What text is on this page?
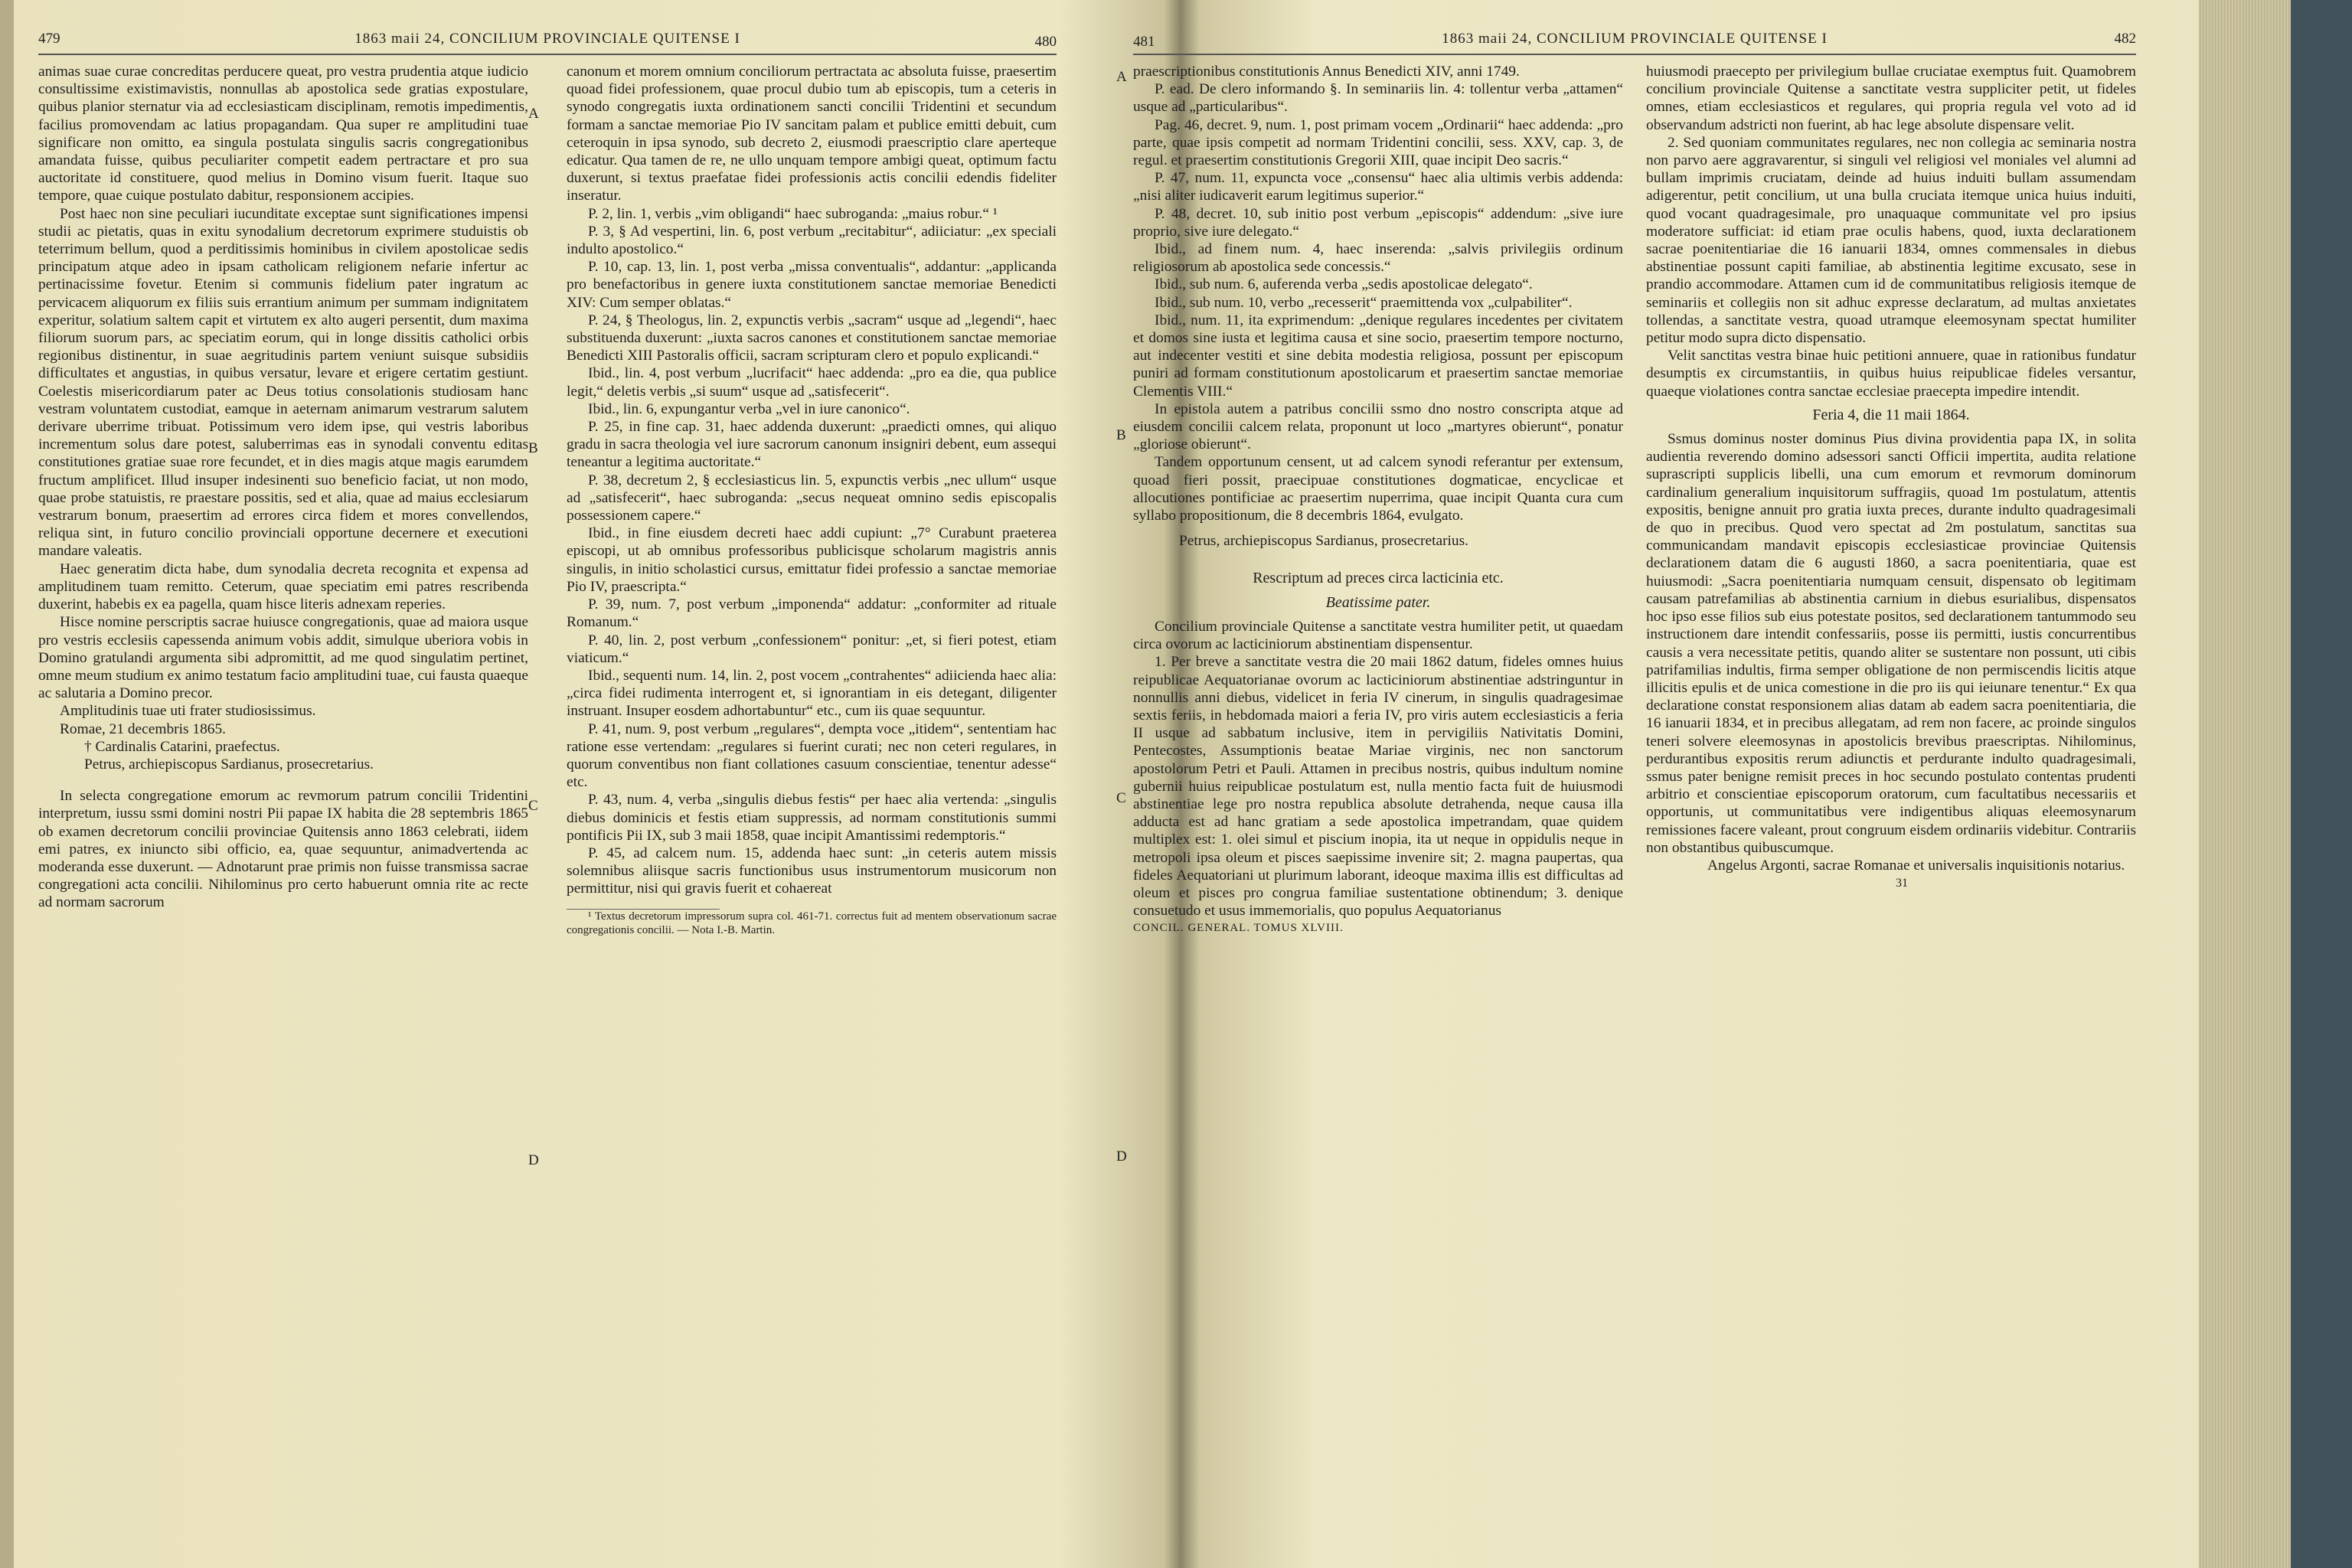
479	1863 maii 24, CONCILIUM PROVINCIALE QUITENSE I	480

animas suae curae concreditas perducere queat, pro vestra prudentia atque iudicio consultissime existimavistis, nonnullas ab apostolica sede gratias expostulare, quibus planior sternatur via ad ecclesiasticam disciplinam, remotis impedimentis, facilius promovendam ac latius propagandam. Qua super re amplitudini tuae significare non omitto, ea singula postulata singulis sacris congregationibus amandata fuisse, quibus peculiariter competit eadem pertractare et pro sua auctoritate id constituere, quod melius in Domino visum fuerit. Itaque suo tempore, quae cuique postulato dabitur, responsionem accipies.

Post haec non sine peculiari iucunditate exceptae sunt significationes impensi studii ac pietatis, quas in exitu synodalium decretorum exprimere studuistis ob teterrimum bellum, quod a perditissimis hominibus in civilem apostolicae sedis principatum atque adeo in ipsam catholicam religionem nefarie infertur ac pertinacissime fovetur. Etenim si communis fidelium pater ingratum ac pervicacem aliquorum ex filiis suis errantium animum per summam indignitatem experitur, solatium saltem capit et virtutem ex alto augeri persentit, dum maxima filiorum suorum pars, ac speciatim eorum, qui in longe dissitis catholici orbis regionibus distinentur, in suae aegritudinis partem veniunt suisque subsidiis difficultates et angustias, in quibus versatur, levare et erigere certatim gestiunt. Coelestis misericordiarum pater ac Deus totius consolationis studiosam hanc vestram voluntatem custodiat, eamque in aeternam animarum vestrarum salutem derivare uberrime tribuat. Potissimum vero idem ipse, qui vestris laboribus incrementum solus dare potest, saluberrimas eas in synodali conventu editas constitutiones gratiae suae rore fecundet, et in dies magis atque magis earumdem fructum amplificet. Illud insuper indesinenti suo beneficio faciat, ut non modo, quae probe statuistis, re praestare possitis, sed et alia, quae ad maius ecclesiarum vestrarum bonum, praesertim ad errores circa fidem et mores convellendos, reliqua sint, in futuro concilio provinciali opportune decernere et executioni mandare valeatis.

Haec generatim dicta habe, dum synodalia decreta recognita et expensa ad amplitudinem tuam remitto. Ceterum, quae speciatim emi patres rescribenda duxerint, habebis ex ea pagella, quam hisce literis adnexam reperies.

Hisce nomine perscriptis sacrae huiusce congregationis, quae ad maiora usque pro vestris ecclesiis capessenda animum vobis addit, simulque uberiora vobis in Domino gratulandi argumenta sibi adpromittit, ad me quod singulatim pertinet, omne meum studium ex animo testatum facio amplitudini tuae, cui fausta quaeque ac salutaria a Domino precor.

Amplitudinis tuae uti frater studiosissimus.

Romae, 21 decembris 1865.

† Cardinalis Catarini, praefectus.

Petrus, archiepiscopus Sardianus, prosecretarius.

In selecta congregatione emorum ac revmorum patrum concilii Tridentini interpretum, iussu ssmi domini nostri Pii papae IX habita die 28 septembris 1865 ob examen decretorum concilii provinciae Quitensis anno 1863 celebrati, iidem emi patres, ex iniuncto sibi officio, ea, quae sequuntur, animadvertenda ac moderanda esse duxerunt. — Adnotarunt prae primis non fuisse transmissa sacrae congregationi acta concilii. Nihilominus pro certo habuerunt omnia rite ac recte ad normam sacrorum

canonum et morem omnium conciliorum pertractata ac absoluta fuisse, praesertim quoad fidei professionem, quae procul dubio tum ab episcopis, tum a ceteris in synodo congregatis iuxta ordinationem sancti concilii Tridentini et secundum formam a sanctae memoriae Pio IV sancitam palam et publice emitti debuit, cum ceteroquin in ipsa synodo, sub decreto 2, eiusmodi praescriptio clare aperteque edicatur. Qua tamen de re, ne ullo unquam tempore ambigi queat, optimum factu duxerunt, si textus praefatae fidei professionis actis concilii edendis fideliter inseratur.

P. 2, lin. 1, verbis „vim obligandi“ haec subroganda: „maius robur.“ ¹

P. 3, § Ad vespertini, lin. 6, post verbum „recitabitur“, adiiciatur: „ex speciali indulto apostolico.“

P. 10, cap. 13, lin. 1, post verba „missa conventualis“, addantur: „applicanda pro benefactoribus in genere iuxta constitutionem sanctae memoriae Benedicti XIV: Cum semper oblatas.“

P. 24, § Theologus, lin. 2, expunctis verbis „sacram“ usque ad „legendi“, haec substituenda duxerunt: „iuxta sacros canones et constitutionem sanctae memoriae Benedicti XIII Pastoralis officii, sacram scripturam clero et populo explicandi.“

Ibid., lin. 4, post verbum „lucrifacit“ haec addenda: „pro ea die, qua publice legit,“ deletis verbis „si suum“ usque ad „satisfecerit“.

Ibid., lin. 6, expungantur verba „vel in iure canonico“.

P. 25, in fine cap. 31, haec addenda duxerunt: „praedicti omnes, qui aliquo gradu in sacra theologia vel iure sacrorum canonum insigniri debent, eum assequi teneantur a legitima auctoritate.“

P. 38, decretum 2, § ecclesiasticus lin. 5, expunctis verbis „nec ullum“ usque ad „satisfecerit“, haec subroganda: „secus nequeat omnino sedis episcopalis possessionem capere.“

Ibid., in fine eiusdem decreti haec addi cupiunt: „7° Curabunt praeterea episcopi, ut ab omnibus professoribus publicisque scholarum magistris annis singulis, in initio scholastici cursus, emittatur fidei professio a sanctae memoriae Pio IV, praescripta.“

P. 39, num. 7, post verbum „imponenda“ addatur: „conformiter ad rituale Romanum.“

P. 40, lin. 2, post verbum „confessionem“ ponitur: „et, si fieri potest, etiam viaticum.“

Ibid., sequenti num. 14, lin. 2, post vocem „contrahentes“ adiicienda haec alia: „circa fidei rudimenta interrogent et, si ignorantiam in eis detegant, diligenter instruant. Insuper eosdem adhortabuntur“ etc., cum iis quae sequuntur.

P. 41, num. 9, post verbum „regulares“, dempta voce „itidem“, sententiam hac ratione esse vertendam: „regulares si fuerint curati; nec non ceteri regulares, in quorum conventibus non fiant collationes casuum conscientiae, tenentur adesse“ etc.

P. 43, num. 4, verba „singulis diebus festis“ per haec alia vertenda: „singulis diebus dominicis et festis etiam suppressis, ad normam constitutionis summi pontificis Pii IX, sub 3 maii 1858, quae incipit Amantissimi redemptoris.“

P. 45, ad calcem num. 15, addenda haec sunt: „in ceteris autem missis solemnibus aliisque sacris functionibus usus instrumentorum musicorum non permittitur, nisi qui gravis fuerit et cohaereat

¹ Textus decretorum impressorum supra col. 461-71. correctus fuit ad mentem observationum sacrae congregationis concilii. — Nota I.-B. Martin.

A
B
C
D
481	1863 maii 24, CONCILIUM PROVINCIALE QUITENSE I	482

praescriptionibus constitutionis Annus Benedicti XIV, anni 1749.

P. ead. De clero informando §. In seminariis lin. 4: tollentur verba „attamen“ usque ad „particularibus“.

Pag. 46, decret. 9, num. 1, post primam vocem „Ordinarii“ haec addenda: „pro parte, quae ipsis competit ad normam Tridentini concilii, sess. XXV, cap. 3, de regul. et praesertim constitutionis Gregorii XIII, quae incipit Deo sacris.“

P. 47, num. 11, expuncta voce „consensu“ haec alia ultimis verbis addenda: „nisi aliter iudicaverit earum legitimus superior.“

P. 48, decret. 10, sub initio post verbum „episcopis“ addendum: „sive iure proprio, sive iure delegato.“

Ibid., ad finem num. 4, haec inserenda: „salvis privilegiis ordinum religiosorum ab apostolica sede concessis.“

Ibid., sub num. 6, auferenda verba „sedis apostolicae delegato“.

Ibid., sub num. 10, verbo „recesserit“ praemittenda vox „culpabiliter“.

Ibid., num. 11, ita exprimendum: „denique regulares incedentes per civitatem et domos sine iusta et legitima causa et sine socio, praesertim tempore nocturno, aut indecenter vestiti et sine debita modestia religiosa, possunt per episcopum puniri ad formam constitutionum apostolicarum et praesertim sanctae memoriae Clementis VIII.“

In epistola autem a patribus concilii ssmo dno nostro conscripta atque ad eiusdem concilii calcem relata, proponunt ut loco „martyres obierunt“, ponatur „gloriose obierunt“.

Tandem opportunum censent, ut ad calcem synodi referantur per extensum, quoad fieri possit, praecipuae constitutiones dogmaticae, encyclicae et allocutiones pontificiae ac praesertim nuperrima, quae incipit Quanta cura cum syllabo propositionum, die 8 decembris 1864, evulgato.

Petrus, archiepiscopus Sardianus, prosecretarius.

Rescriptum ad preces circa lacticinia etc.

Beatissime pater.

Concilium provinciale Quitense a sanctitate vestra humiliter petit, ut quaedam circa ovorum ac lacticiniorum abstinentiam dispensentur.

1. Per breve a sanctitate vestra die 20 maii 1862 datum, fideles omnes huius reipublicae Aequatorianae ovorum ac lacticiniorum abstinentiae adstringuntur in nonnullis anni diebus, videlicet in feria IV cinerum, in singulis quadragesimae sextis feriis, in hebdomada maiori a feria IV, pro viris autem ecclesiasticis a feria II usque ad sabbatum inclusive, item in pervigiliis Nativitatis Domini, Pentecostes, Assumptionis beatae Mariae virginis, nec non sanctorum apostolorum Petri et Pauli. Attamen in precibus nostris, quibus indultum nomine gubernii huius reipublicae postulatum est, nulla mentio facta fuit de huiusmodi abstinentiae lege pro nostra republica absolute detrahenda, neque causa illa adducta est ad hanc gratiam a sede apostolica impetrandam, quae quidem multiplex est: 1. olei simul et piscium inopia, ita ut neque in oppidulis neque in metropoli ipsa oleum et pisces saepissime invenire sit; 2. magna paupertas, qua fideles Aequatoriani ut plurimum laborant, ideoque maxima illis est difficultas ad oleum et pisces pro congrua familiae sustentatione obtinendum; 3. denique consuetudo et usus immemorialis, quo populus Aequatorianus

CONCIL. GENERAL. TOMUS XLVIII.

huiusmodi praecepto per privilegium bullae cruciatae exemptus fuit. Quamobrem concilium provinciale Quitense a sanctitate vestra suppliciter petit, ut fideles omnes, etiam ecclesiasticos et regulares, qui propria regula vel voto ad id observandum adstricti non fuerint, ab hac lege absolute dispensare velit.

2. Sed quoniam communitates regulares, nec non collegia ac seminaria nostra non parvo aere aggravarentur, si singuli vel religiosi vel moniales vel alumni ad bullam imprimis cruciatam, deinde ad huius induiti bullam assumendam adigerentur, petit concilium, ut una bulla cruciata itemque unica huius induiti, quod vocant quadragesimale, pro unaquaque communitate vel pro ipsius moderatore sufficiat: id etiam prae oculis habens, quod, iuxta declarationem sacrae poenitentiariae die 16 ianuarii 1834, omnes commensales in diebus abstinentiae possunt capiti familiae, ab abstinentia legitime excusato, sese in prandio accommodare. Attamen cum id de communitatibus religiosis itemque de seminariis et collegiis non sit adhuc expresse declaratum, ad multas anxietates tollendas, a sanctitate vestra, quoad utramque eleemosynam spectat humiliter petitur modo supra dicto dispensatio.

Velit sanctitas vestra binae huic petitioni annuere, quae in rationibus fundatur desumptis ex circumstantiis, in quibus huius reipublicae fideles versantur, quaeque violationes contra sanctae ecclesiae praecepta impedire intendit.

Feria 4, die 11 maii 1864.

Ssmus dominus noster dominus Pius divina providentia papa IX, in solita audientia reverendo domino adsessori sancti Officii impertita, audita relatione suprascripti supplicis libelli, una cum emorum et revmorum dominorum cardinalium generalium inquisitorum suffragiis, quoad 1m postulatum, attentis expositis, benigne annuit pro gratia iuxta preces, durante indulto quadragesimali de quo in precibus. Quod vero spectat ad 2m postulatum, sanctitas sua communicandam mandavit episcopis ecclesiasticae provinciae Quitensis declarationem datam die 6 augusti 1860, a sacra poenitentiaria, quae est huiusmodi: „Sacra poenitentiaria numquam censuit, dispensato ob legitimam causam patrefamilias ab abstinentia carnium in diebus esurialibus, dispensatos hoc ipso esse filios sub eius potestate positos, sed declarationem tantummodo seu instructionem dare intendit confessariis, posse iis permitti, iustis concurrentibus causis a vera necessitate petitis, quando aliter se sustentare non possunt, uti cibis patrifamilias indultis, firma semper obligatione de non permiscendis licitis atque illicitis epulis et de unica comestione in die pro iis qui ieiunare tenentur.“ Ex qua declaratione constat responsionem alias datam ab eadem sacra poenitentiaria, die 16 ianuarii 1834, et in precibus allegatam, ad rem non facere, ac proinde singulos teneri solvere eleemosynas in apostolicis brevibus praescriptas. Nihilominus, perdurantibus expositis rerum adiunctis et perdurante indulto quadragesimali, ssmus pater benigne remisit preces in hoc secundo postulato contentas prudenti arbitrio et conscientiae episcoporum oratorum, cum facultatibus necessariis et opportunis, ut communitatibus vere indigentibus aliquas eleemosynarum remissiones facere valeant, prout congruum eisdem ordinariis videbitur. Contrariis non obstantibus quibuscumque.

Angelus Argonti, sacrae Romanae et universalis inquisitionis notarius.

31

A
B
C
D
